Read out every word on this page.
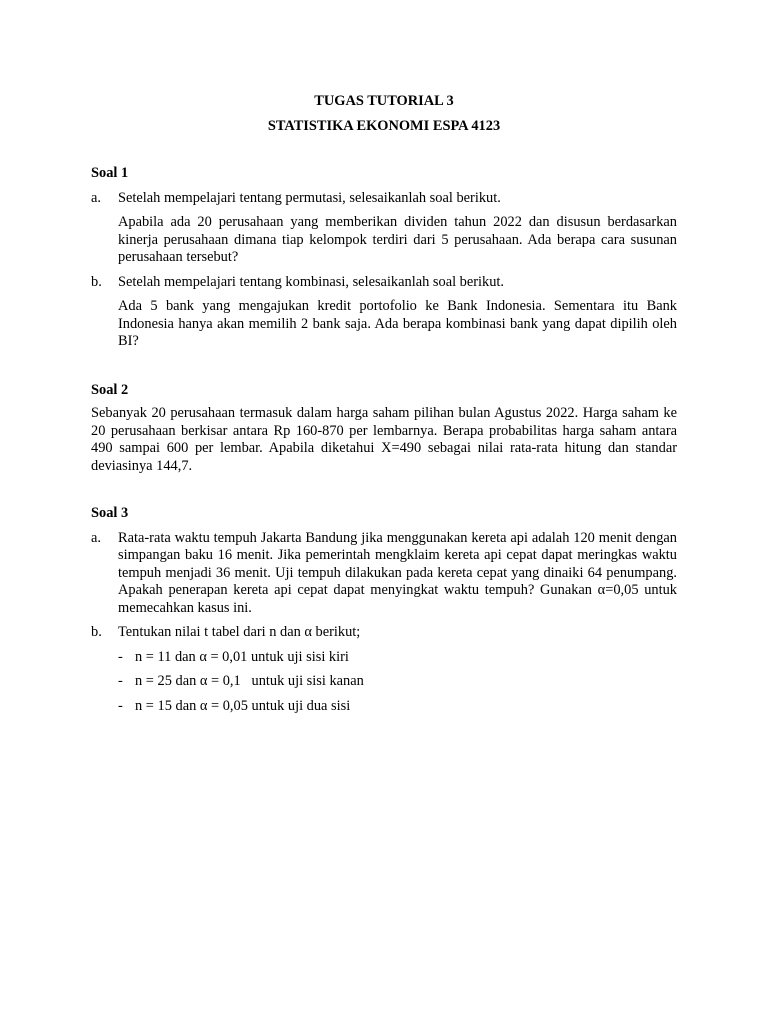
TUGAS TUTORIAL 3

STATISTIKA EKONOMI ESPA 4123

Soal 1

a.	Setelah mempelajari tentang permutasi, selesaikanlah soal berikut.

Apabila ada 20 perusahaan yang memberikan dividen tahun 2022 dan disusun berdasarkan kinerja perusahaan dimana tiap kelompok terdiri dari 5 perusahaan. Ada berapa cara susunan perusahaan tersebut?

b.	Setelah mempelajari tentang kombinasi, selesaikanlah soal berikut.

Ada 5 bank yang mengajukan kredit portofolio ke Bank Indonesia. Sementara itu Bank Indonesia hanya akan memilih 2 bank saja. Ada berapa kombinasi bank yang dapat dipilih oleh BI?

Soal 2

Sebanyak 20 perusahaan termasuk dalam harga saham pilihan bulan Agustus 2022. Harga saham ke 20 perusahaan berkisar antara Rp 160-870 per lembarnya. Berapa probabilitas harga saham antara 490 sampai 600 per lembar. Apabila diketahui X=490 sebagai nilai rata-rata hitung dan standar deviasinya 144,7.

Soal 3

a.	Rata-rata waktu tempuh Jakarta Bandung jika menggunakan kereta api adalah 120 menit dengan simpangan baku 16 menit. Jika pemerintah mengklaim kereta api cepat dapat meringkas waktu tempuh menjadi 36 menit. Uji tempuh dilakukan pada kereta cepat yang dinaiki 64 penumpang. Apakah penerapan kereta api cepat dapat menyingkat waktu tempuh? Gunakan α=0,05 untuk memecahkan kasus ini.
b.	Tentukan nilai t tabel dari n dan α berikut;
- n = 11 dan α = 0,01 untuk uji sisi kiri
- n = 25 dan α = 0,1   untuk uji sisi kanan
- n = 15 dan α = 0,05 untuk uji dua sisi
